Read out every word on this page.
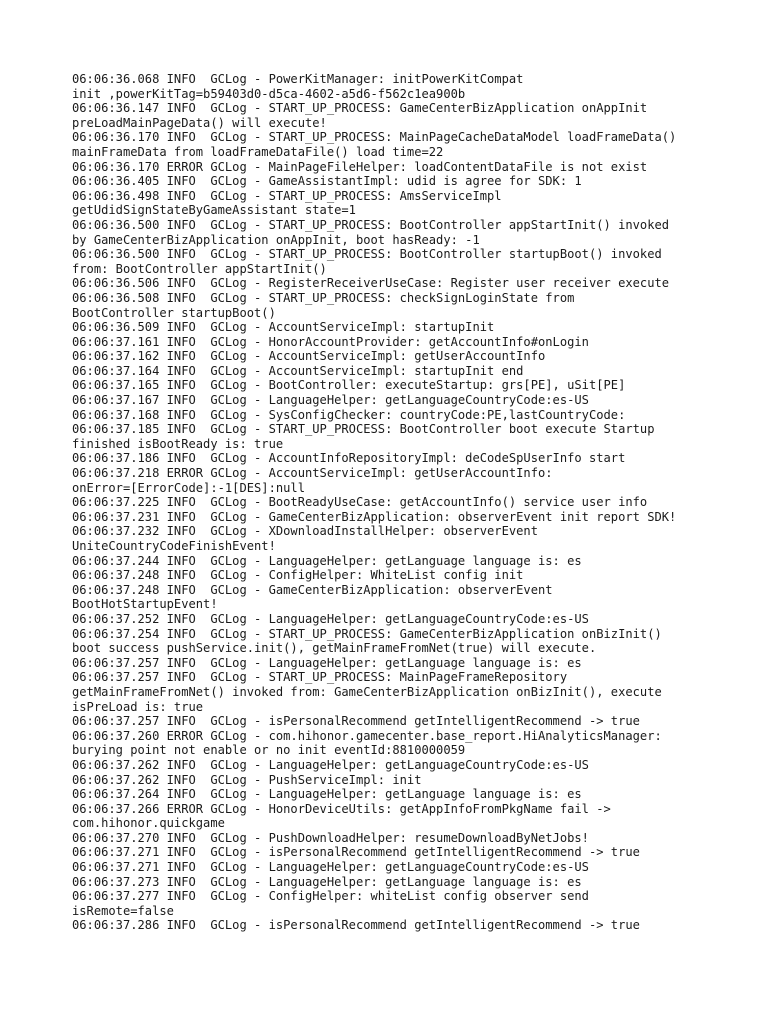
06:06:36.068 INFO  GCLog - PowerKitManager: initPowerKitCompat
init ,powerKitTag=b59403d0-d5ca-4602-a5d6-f562c1ea900b
06:06:36.147 INFO  GCLog - START_UP_PROCESS: GameCenterBizApplication onAppInit
preLoadMainPageData() will execute!
06:06:36.170 INFO  GCLog - START_UP_PROCESS: MainPageCacheDataModel loadFrameData()
mainFrameData from loadFrameDataFile() load time=22
06:06:36.170 ERROR GCLog - MainPageFileHelper: loadContentDataFile is not exist
06:06:36.405 INFO  GCLog - GameAssistantImpl: udid is agree for SDK: 1
06:06:36.498 INFO  GCLog - START_UP_PROCESS: AmsServiceImpl
getUdidSignStateByGameAssistant state=1
06:06:36.500 INFO  GCLog - START_UP_PROCESS: BootController appStartInit() invoked
by GameCenterBizApplication onAppInit, boot hasReady: -1
06:06:36.500 INFO  GCLog - START_UP_PROCESS: BootController startupBoot() invoked
from: BootController appStartInit()
06:06:36.506 INFO  GCLog - RegisterReceiverUseCase: Register user receiver execute
06:06:36.508 INFO  GCLog - START_UP_PROCESS: checkSignLoginState from
BootController startupBoot()
06:06:36.509 INFO  GCLog - AccountServiceImpl: startupInit
06:06:37.161 INFO  GCLog - HonorAccountProvider: getAccountInfo#onLogin
06:06:37.162 INFO  GCLog - AccountServiceImpl: getUserAccountInfo
06:06:37.164 INFO  GCLog - AccountServiceImpl: startupInit end
06:06:37.165 INFO  GCLog - BootController: executeStartup: grs[PE], uSit[PE]
06:06:37.167 INFO  GCLog - LanguageHelper: getLanguageCountryCode:es-US
06:06:37.168 INFO  GCLog - SysConfigChecker: countryCode:PE,lastCountryCode:
06:06:37.185 INFO  GCLog - START_UP_PROCESS: BootController boot execute Startup
finished isBootReady is: true
06:06:37.186 INFO  GCLog - AccountInfoRepositoryImpl: deCodeSpUserInfo start
06:06:37.218 ERROR GCLog - AccountServiceImpl: getUserAccountInfo:
onError=[ErrorCode]:-1[DES]:null
06:06:37.225 INFO  GCLog - BootReadyUseCase: getAccountInfo() service user info
06:06:37.231 INFO  GCLog - GameCenterBizApplication: observerEvent init report SDK!
06:06:37.232 INFO  GCLog - XDownloadInstallHelper: observerEvent
UniteCountryCodeFinishEvent!
06:06:37.244 INFO  GCLog - LanguageHelper: getLanguage language is: es
06:06:37.248 INFO  GCLog - ConfigHelper: WhiteList config init
06:06:37.248 INFO  GCLog - GameCenterBizApplication: observerEvent
BootHotStartupEvent!
06:06:37.252 INFO  GCLog - LanguageHelper: getLanguageCountryCode:es-US
06:06:37.254 INFO  GCLog - START_UP_PROCESS: GameCenterBizApplication onBizInit()
boot success pushService.init(), getMainFrameFromNet(true) will execute.
06:06:37.257 INFO  GCLog - LanguageHelper: getLanguage language is: es
06:06:37.257 INFO  GCLog - START_UP_PROCESS: MainPageFrameRepository
getMainFrameFromNet() invoked from: GameCenterBizApplication onBizInit(), execute
isPreLoad is: true
06:06:37.257 INFO  GCLog - isPersonalRecommend getIntelligentRecommend -> true
06:06:37.260 ERROR GCLog - com.hihonor.gamecenter.base_report.HiAnalyticsManager:
burying point not enable or no init eventId:8810000059
06:06:37.262 INFO  GCLog - LanguageHelper: getLanguageCountryCode:es-US
06:06:37.262 INFO  GCLog - PushServiceImpl: init
06:06:37.264 INFO  GCLog - LanguageHelper: getLanguage language is: es
06:06:37.266 ERROR GCLog - HonorDeviceUtils: getAppInfoFromPkgName fail ->
com.hihonor.quickgame
06:06:37.270 INFO  GCLog - PushDownloadHelper: resumeDownloadByNetJobs!
06:06:37.271 INFO  GCLog - isPersonalRecommend getIntelligentRecommend -> true
06:06:37.271 INFO  GCLog - LanguageHelper: getLanguageCountryCode:es-US
06:06:37.273 INFO  GCLog - LanguageHelper: getLanguage language is: es
06:06:37.277 INFO  GCLog - ConfigHelper: whiteList config observer send
isRemote=false
06:06:37.286 INFO  GCLog - isPersonalRecommend getIntelligentRecommend -> true
